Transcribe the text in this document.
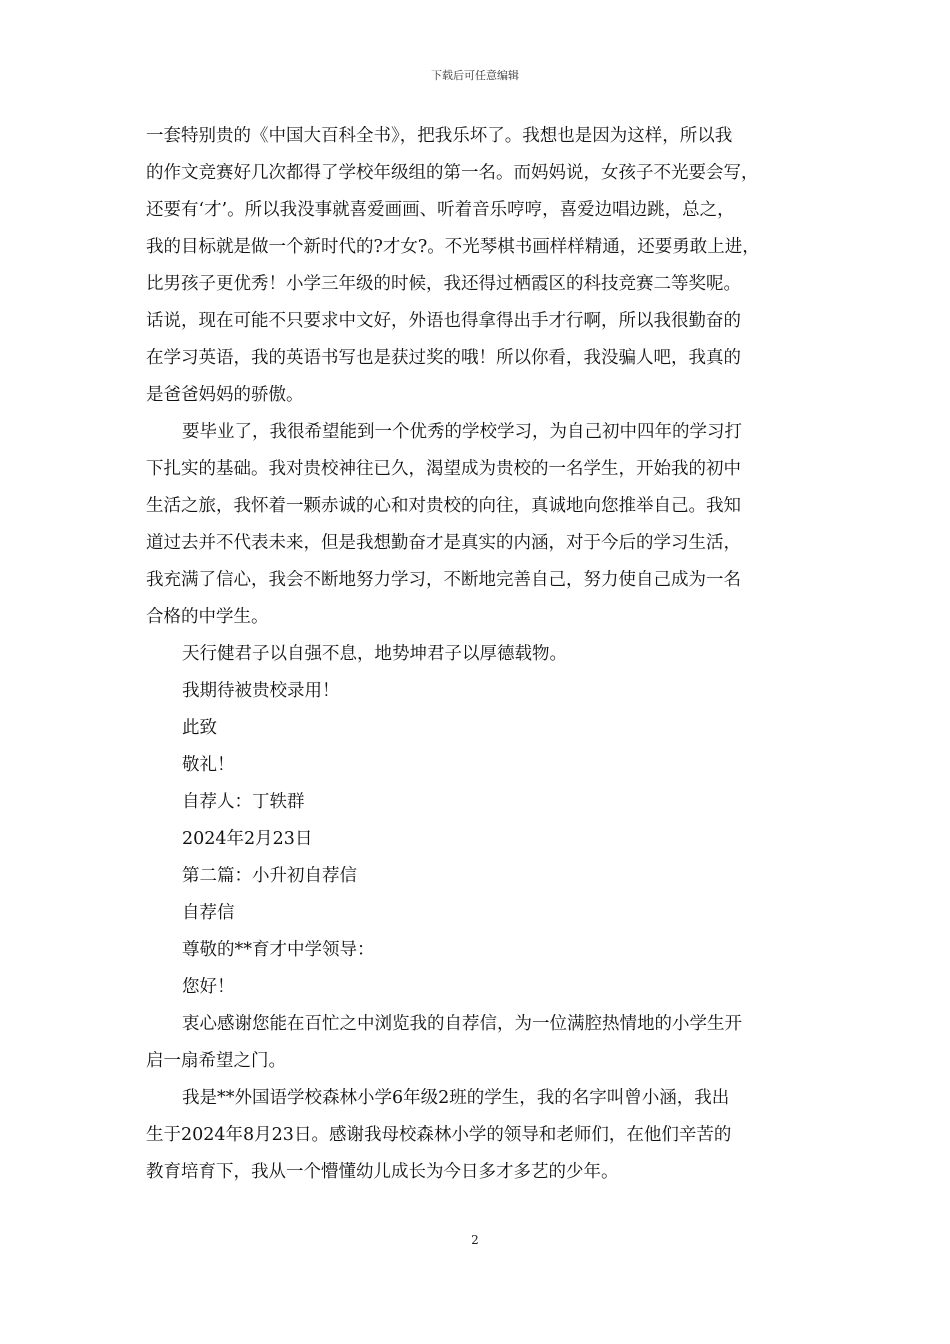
下载后可任意编辑
一套特别贵的《中国大百科全书》，把我乐坏了。我想也是因为这样，所以我
的作文竞赛好几次都得了学校年级组的第一名。而妈妈说，女孩子不光要会写，
还要有‘才’。所以我没事就喜爱画画、听着音乐哼哼，喜爱边唱边跳，总之，
我的目标就是做一个新时代的?才女?。不光琴棋书画样样精通，还要勇敢上进，
比男孩子更优秀！小学三年级的时候，我还得过栖霞区的科技竞赛二等奖呢。
话说，现在可能不只要求中文好，外语也得拿得出手才行啊，所以我很勤奋的
在学习英语，我的英语书写也是获过奖的哦！所以你看，我没骗人吧，我真的
是爸爸妈妈的骄傲。
要毕业了，我很希望能到一个优秀的学校学习，为自己初中四年的学习打
下扎实的基础。我对贵校神往已久，渴望成为贵校的一名学生，开始我的初中
生活之旅，我怀着一颗赤诚的心和对贵校的向往，真诚地向您推举自己。我知
道过去并不代表未来，但是我想勤奋才是真实的内涵，对于今后的学习生活，
我充满了信心，我会不断地努力学习，不断地完善自己，努力使自己成为一名
合格的中学生。
天行健君子以自强不息，地势坤君子以厚德载物。
我期待被贵校录用！
此致
敬礼！
自荐人：丁轶群
2024年2月23日
第二篇：小升初自荐信
自荐信
尊敬的**育才中学领导：
您好！
衷心感谢您能在百忙之中浏览我的自荐信，为一位满腔热情地的小学生开
启一扇希望之门。
我是**外国语学校森林小学6年级2班的学生，我的名字叫曾小涵，我出
生于2024年8月23日。感谢我母校森林小学的领导和老师们，在他们辛苦的
教育培育下，我从一个懵懂幼儿成长为今日多才多艺的少年。
2
